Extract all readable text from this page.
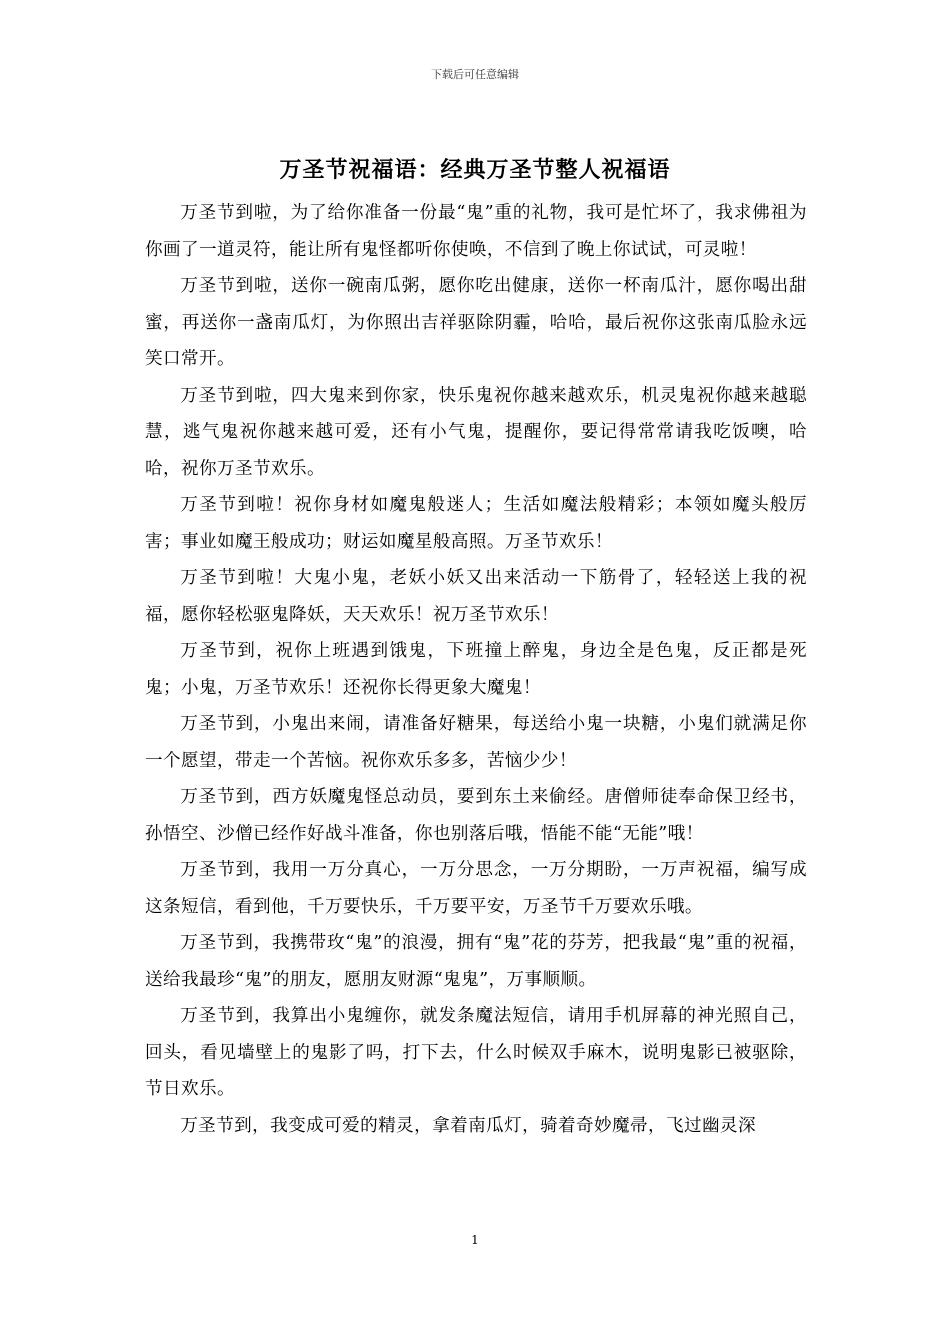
下载后可任意编辑
万圣节祝福语：经典万圣节整人祝福语

万圣节到啦，为了给你准备一份最“鬼”重的礼物，我可是忙坏了，我求佛祖为你画了一道灵符，能让所有鬼怪都听你使唤，不信到了晚上你试试，可灵啦！

万圣节到啦，送你一碗南瓜粥，愿你吃出健康，送你一杯南瓜汁，愿你喝出甜蜜，再送你一盏南瓜灯，为你照出吉祥驱除阴霾，哈哈，最后祝你这张南瓜脸永远笑口常开。

万圣节到啦，四大鬼来到你家，快乐鬼祝你越来越欢乐，机灵鬼祝你越来越聪慧，逃气鬼祝你越来越可爱，还有小气鬼，提醒你，要记得常常请我吃饭噢，哈哈，祝你万圣节欢乐。

万圣节到啦！祝你身材如魔鬼般迷人；生活如魔法般精彩；本领如魔头般厉害；事业如魔王般成功；财运如魔星般高照。万圣节欢乐！

万圣节到啦！大鬼小鬼，老妖小妖又出来活动一下筋骨了，轻轻送上我的祝福，愿你轻松驱鬼降妖，天天欢乐！祝万圣节欢乐！

万圣节到，祝你上班遇到饿鬼，下班撞上醉鬼，身边全是色鬼，反正都是死鬼；小鬼，万圣节欢乐！还祝你长得更象大魔鬼！

万圣节到，小鬼出来闹，请准备好糖果，每送给小鬼一块糖，小鬼们就满足你一个愿望，带走一个苦恼。祝你欢乐多多，苦恼少少！

万圣节到，西方妖魔鬼怪总动员，要到东土来偷经。唐僧师徒奉命保卫经书，孙悟空、沙僧已经作好战斗准备，你也别落后哦，悟能不能“无能”哦！

万圣节到，我用一万分真心，一万分思念，一万分期盼，一万声祝福，编写成这条短信，看到他，千万要快乐，千万要平安，万圣节千万要欢乐哦。

万圣节到，我携带玫“鬼”的浪漫，拥有“鬼”花的芬芳，把我最“鬼”重的祝福，送给我最珍“鬼”的朋友，愿朋友财源“鬼鬼”，万事顺顺。

万圣节到，我算出小鬼缠你，就发条魔法短信，请用手机屏幕的神光照自己，回头，看见墙壁上的鬼影了吗，打下去，什么时候双手麻木，说明鬼影已被驱除，节日欢乐。

万圣节到，我变成可爱的精灵，拿着南瓜灯，骑着奇妙魔帚，飞过幽灵深

1
